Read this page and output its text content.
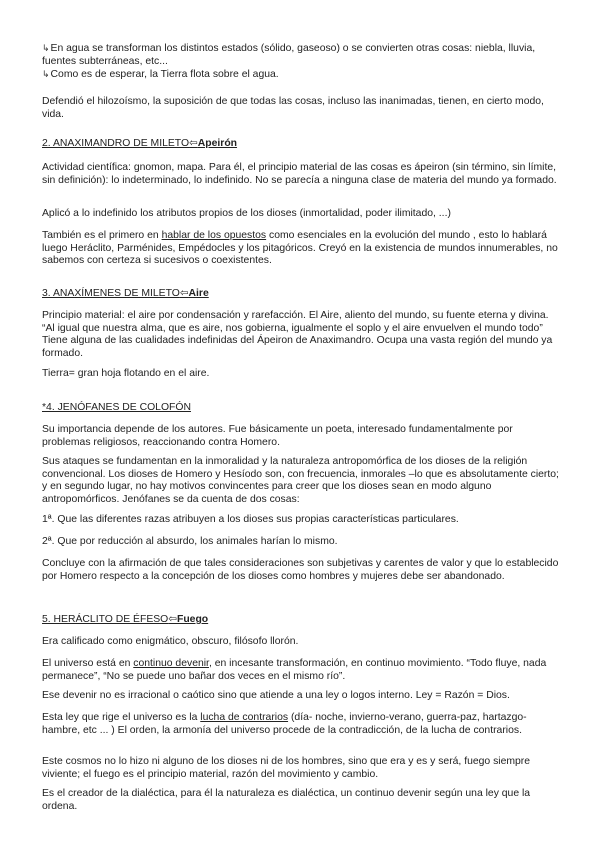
↳En agua se transforman los distintos estados (sólido, gaseoso) o se convierten otras cosas: niebla, lluvia, fuentes subterráneas, etc...

↳Como es de esperar, la Tierra flota sobre el agua.

Defendió el hilozoísmo, la suposición de que todas las cosas, incluso las inanimadas, tienen, en cierto modo, vida.

2. ANAXIMANDRO DE MILETO⇦Apeirón

Actividad científica: gnomon, mapa. Para él, el principio material de las cosas es ápeiron (sin término, sin límite, sin definición): lo indeterminado, lo indefinido. No se parecía a ninguna clase de materia del mundo ya formado.

Aplicó a lo indefinido los atributos propios de los dioses (inmortalidad, poder ilimitado, ...)

También es el primero en hablar de los opuestos como esenciales en la evolución del mundo , esto lo hablará luego Heráclito, Parménides, Empédocles y los pitagóricos. Creyó en la existencia de mundos innumerables, no sabemos con certeza si sucesivos o coexistentes.

3. ANAXÍMENES DE MILETO⇦Aire

Principio material: el aire por condensación y rarefacción. El Aire, aliento del mundo, su fuente eterna y divina. “Al igual que nuestra alma, que es aire, nos gobierna, igualmente el soplo y el aire envuelven el mundo todo” Tiene alguna de las cualidades indefinidas del Ápeiron de Anaximandro. Ocupa una vasta región del mundo ya formado.

Tierra= gran hoja flotando en el aire.

*4. JENÓFANES DE COLOFÓN

Su importancia depende de los autores. Fue básicamente un poeta, interesado fundamentalmente por problemas religiosos, reaccionando contra Homero.

Sus ataques se fundamentan en la inmoralidad y la naturaleza antropomórfica de los dioses de la religión convencional. Los dioses de Homero y Hesíodo son, con frecuencia, inmorales –lo que es absolutamente cierto; y en segundo lugar, no hay motivos convincentes para creer que los dioses sean en modo alguno antropomórficos. Jenófanes se da cuenta de dos cosas:

1ª. Que las diferentes razas atribuyen a los dioses sus propias características particulares.

2ª. Que por reducción al absurdo, los animales harían lo mismo.

Concluye con la afirmación de que tales consideraciones son subjetivas y carentes de valor y que lo establecido por Homero respecto a la concepción de los dioses como hombres y mujeres debe ser abandonado.

5. HERÁCLITO DE ÉFESO⇦Fuego

Era calificado como enigmático, obscuro, filósofo llorón.

El universo está en continuo devenir, en incesante transformación, en continuo movimiento. “Todo fluye, nada permanece”, “No se puede uno bañar dos veces en el mismo río”.

Ese devenir no es irracional o caótico sino que atiende a una ley o logos interno. Ley = Razón = Dios.

Esta ley que rige el universo es la lucha de contrarios (día- noche, invierno-verano, guerra-paz, hartazgo-hambre, etc ... ) El orden, la armonía del universo procede de la contradicción, de la lucha de contrarios.

Este cosmos no lo hizo ni alguno de los dioses ni de los hombres, sino que era y es y será, fuego siempre viviente; el fuego es el principio material, razón del movimiento y cambio.

Es el creador de la dialéctica, para él la naturaleza es dialéctica, un continuo devenir según una ley que la ordena.
